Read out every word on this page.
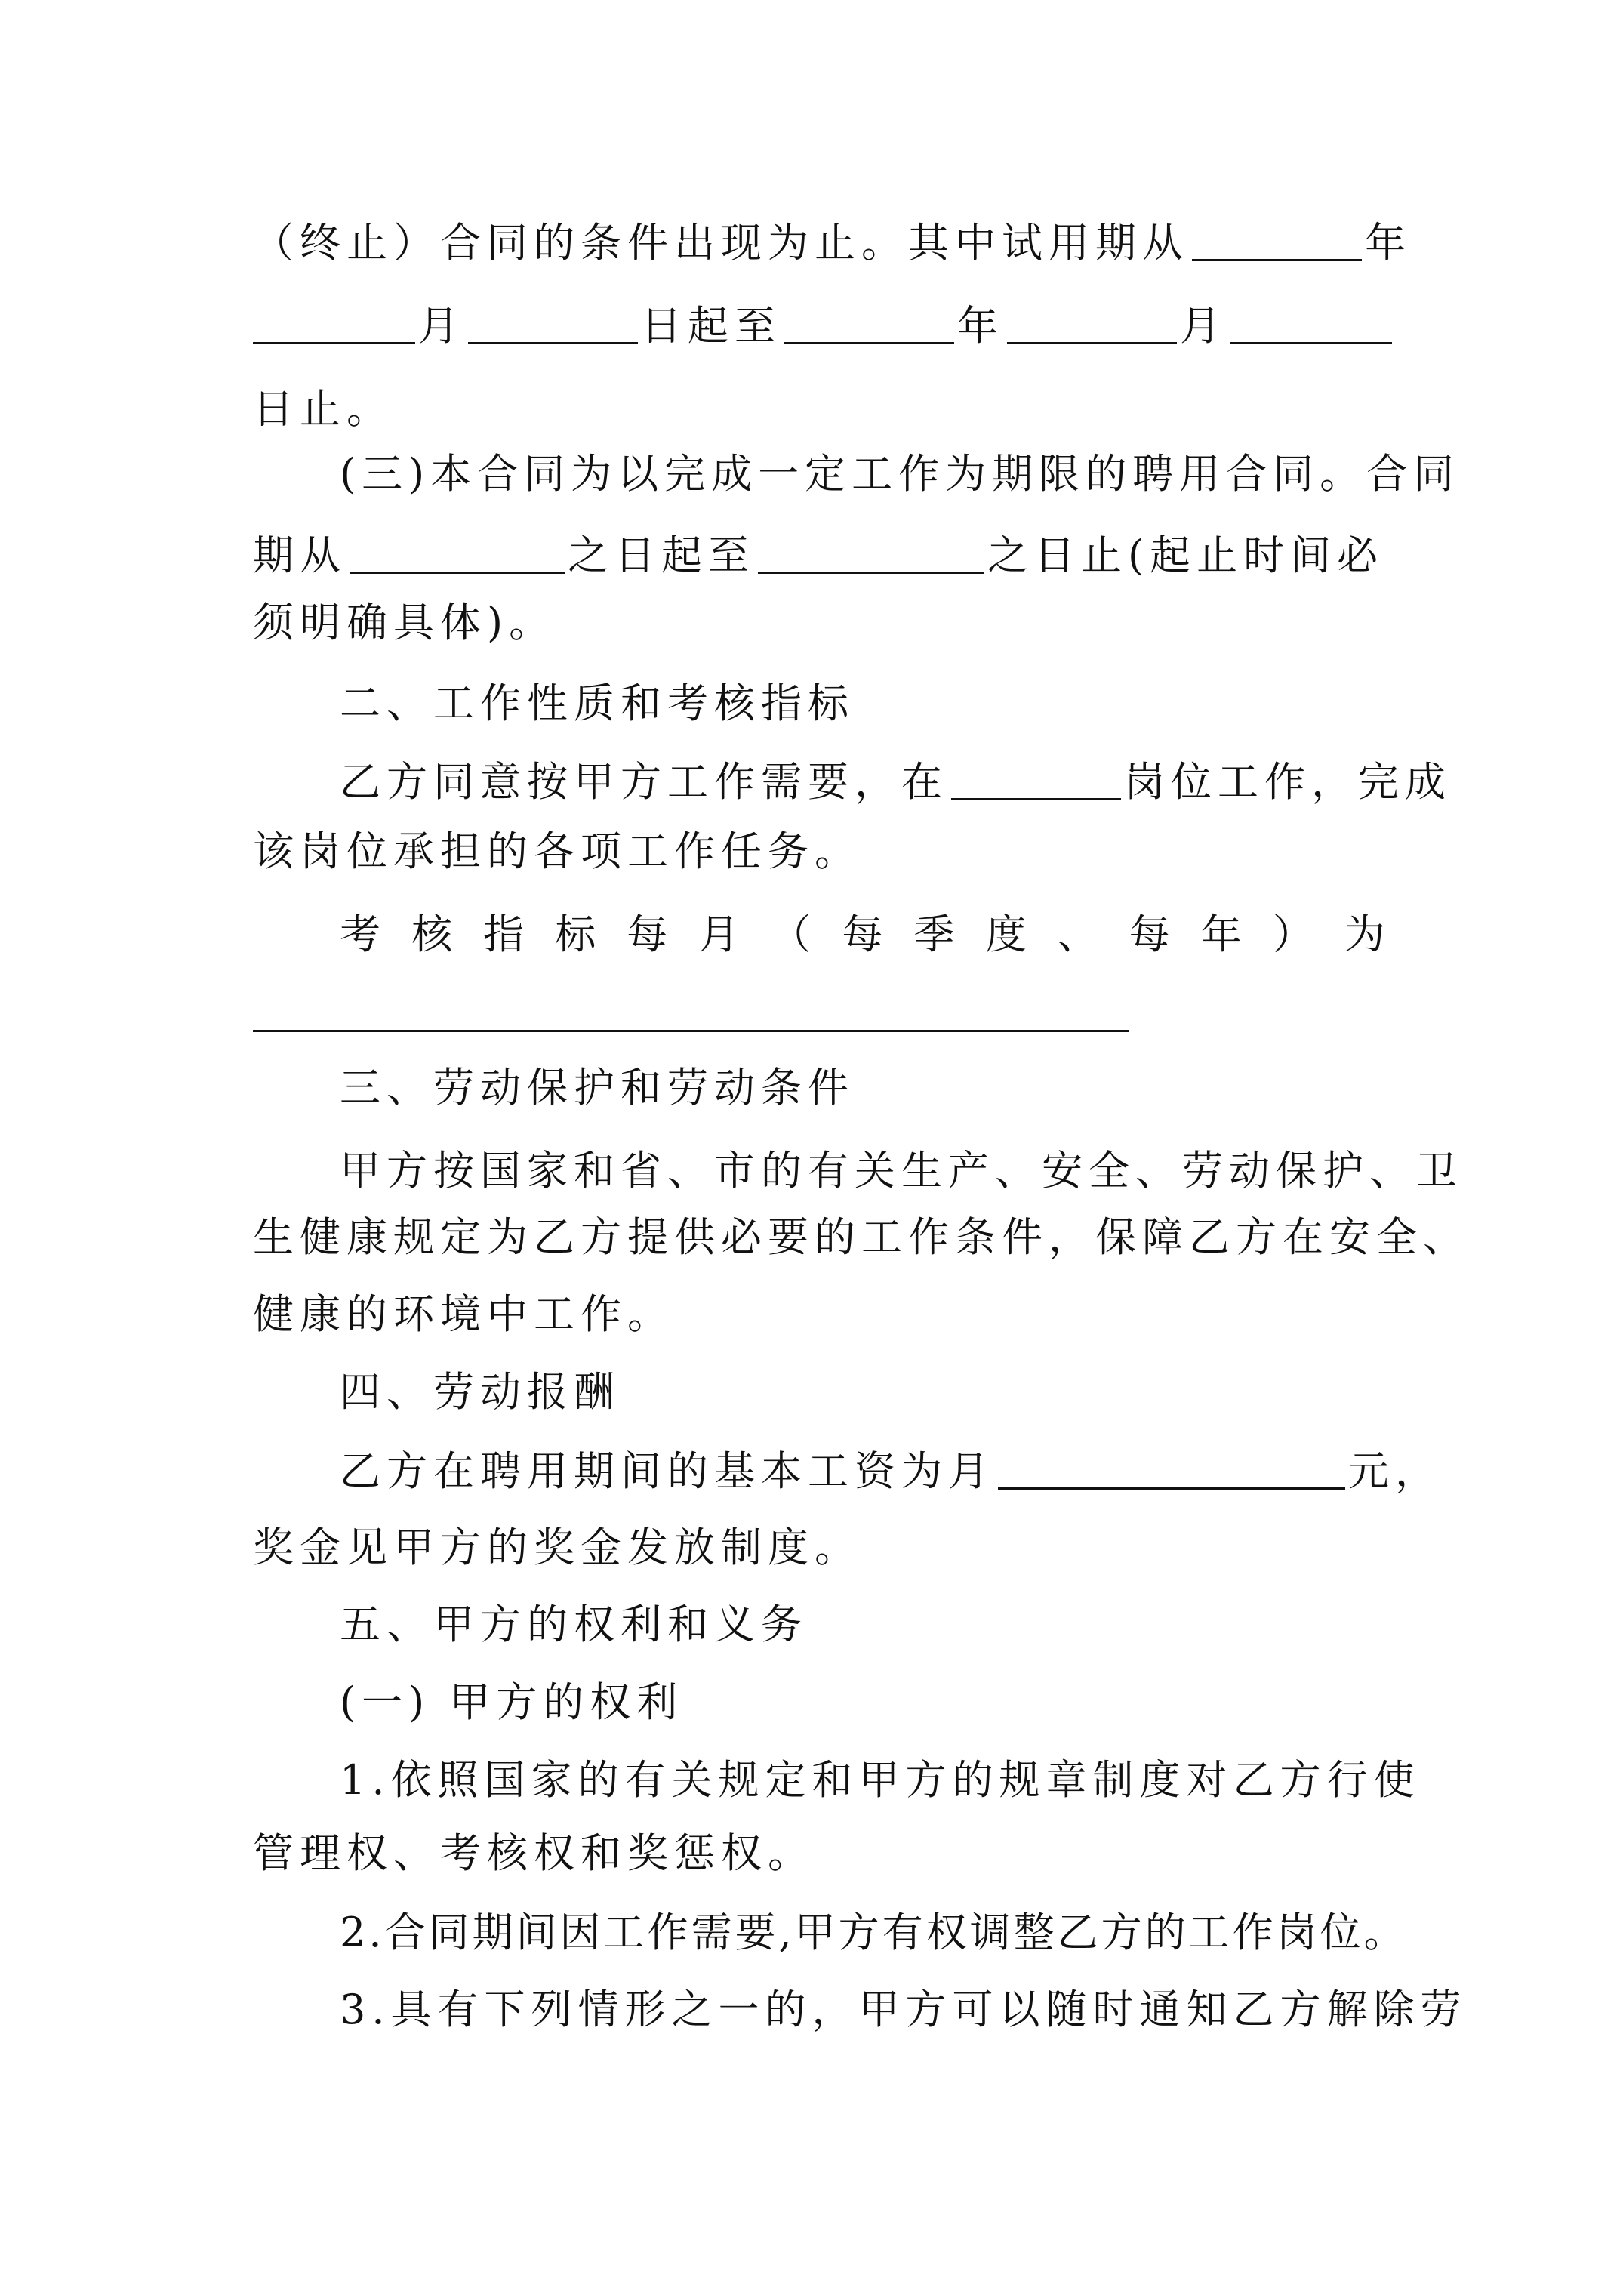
（终止）合同的条件出现为止。其中试用期从	年
月	日起至	年	月
日止。
(三)本合同为以完成一定工作为期限的聘用合同。合同
期从	之日起至	之日止(起止时间必
须明确具体)。
二、工作性质和考核指标
乙方同意按甲方工作需要，在	岗位工作，完成
该岗位承担的各项工作任务。
考 核 指 标 每 月 （ 每 季 度 、 每 年 ） 为
三、劳动保护和劳动条件
甲方按国家和省、市的有关生产、安全、劳动保护、卫
生健康规定为乙方提供必要的工作条件，保障乙方在安全、
健康的环境中工作。
四、劳动报酬
乙方在聘用期间的基本工资为月	元，
奖金见甲方的奖金发放制度。
五、甲方的权利和义务
(一) 甲方的权利
1.依照国家的有关规定和甲方的规章制度对乙方行使
管理权、考核权和奖惩权。
2.合同期间因工作需要,甲方有权调整乙方的工作岗位。
3.具有下列情形之一的，甲方可以随时通知乙方解除劳
